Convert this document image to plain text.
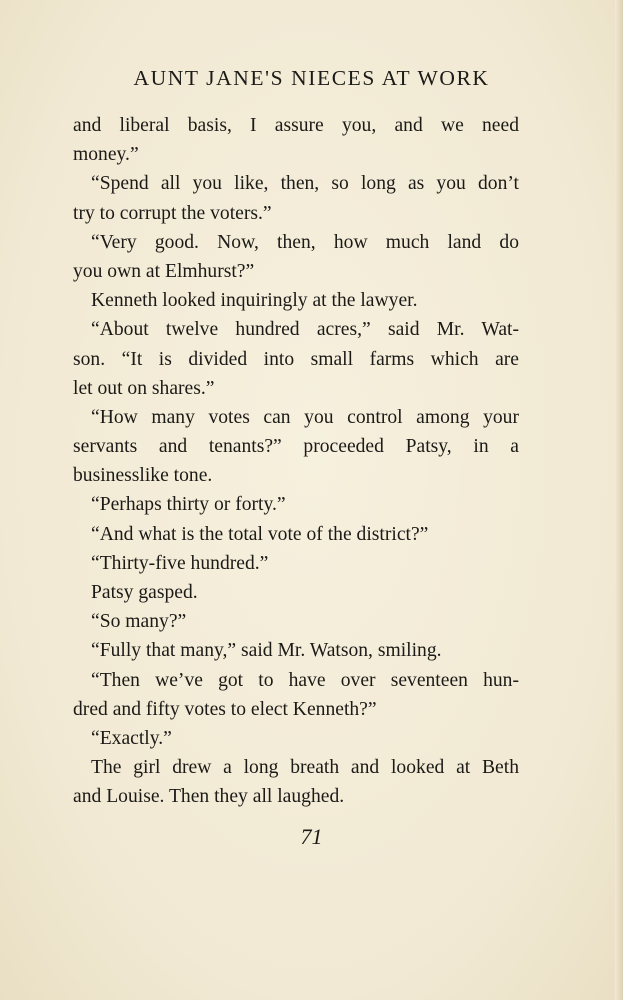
AUNT JANE'S NIECES AT WORK
and liberal basis, I assure you, and we need
money.”
“Spend all you like, then, so long as you don’t
try to corrupt the voters.”
“Very good. Now, then, how much land do
you own at Elmhurst?”
Kenneth looked inquiringly at the lawyer.
“About twelve hundred acres,” said Mr. Wat-
son. “It is divided into small farms which are
let out on shares.”
“How many votes can you control among your
servants and tenants?” proceeded Patsy, in a
businesslike tone.
“Perhaps thirty or forty.”
“And what is the total vote of the district?”
“Thirty-five hundred.”
Patsy gasped.
“So many?”
“Fully that many,” said Mr. Watson, smiling.
“Then we’ve got to have over seventeen hun-
dred and fifty votes to elect Kenneth?”
“Exactly.”
The girl drew a long breath and looked at Beth
and Louise. Then they all laughed.
71
